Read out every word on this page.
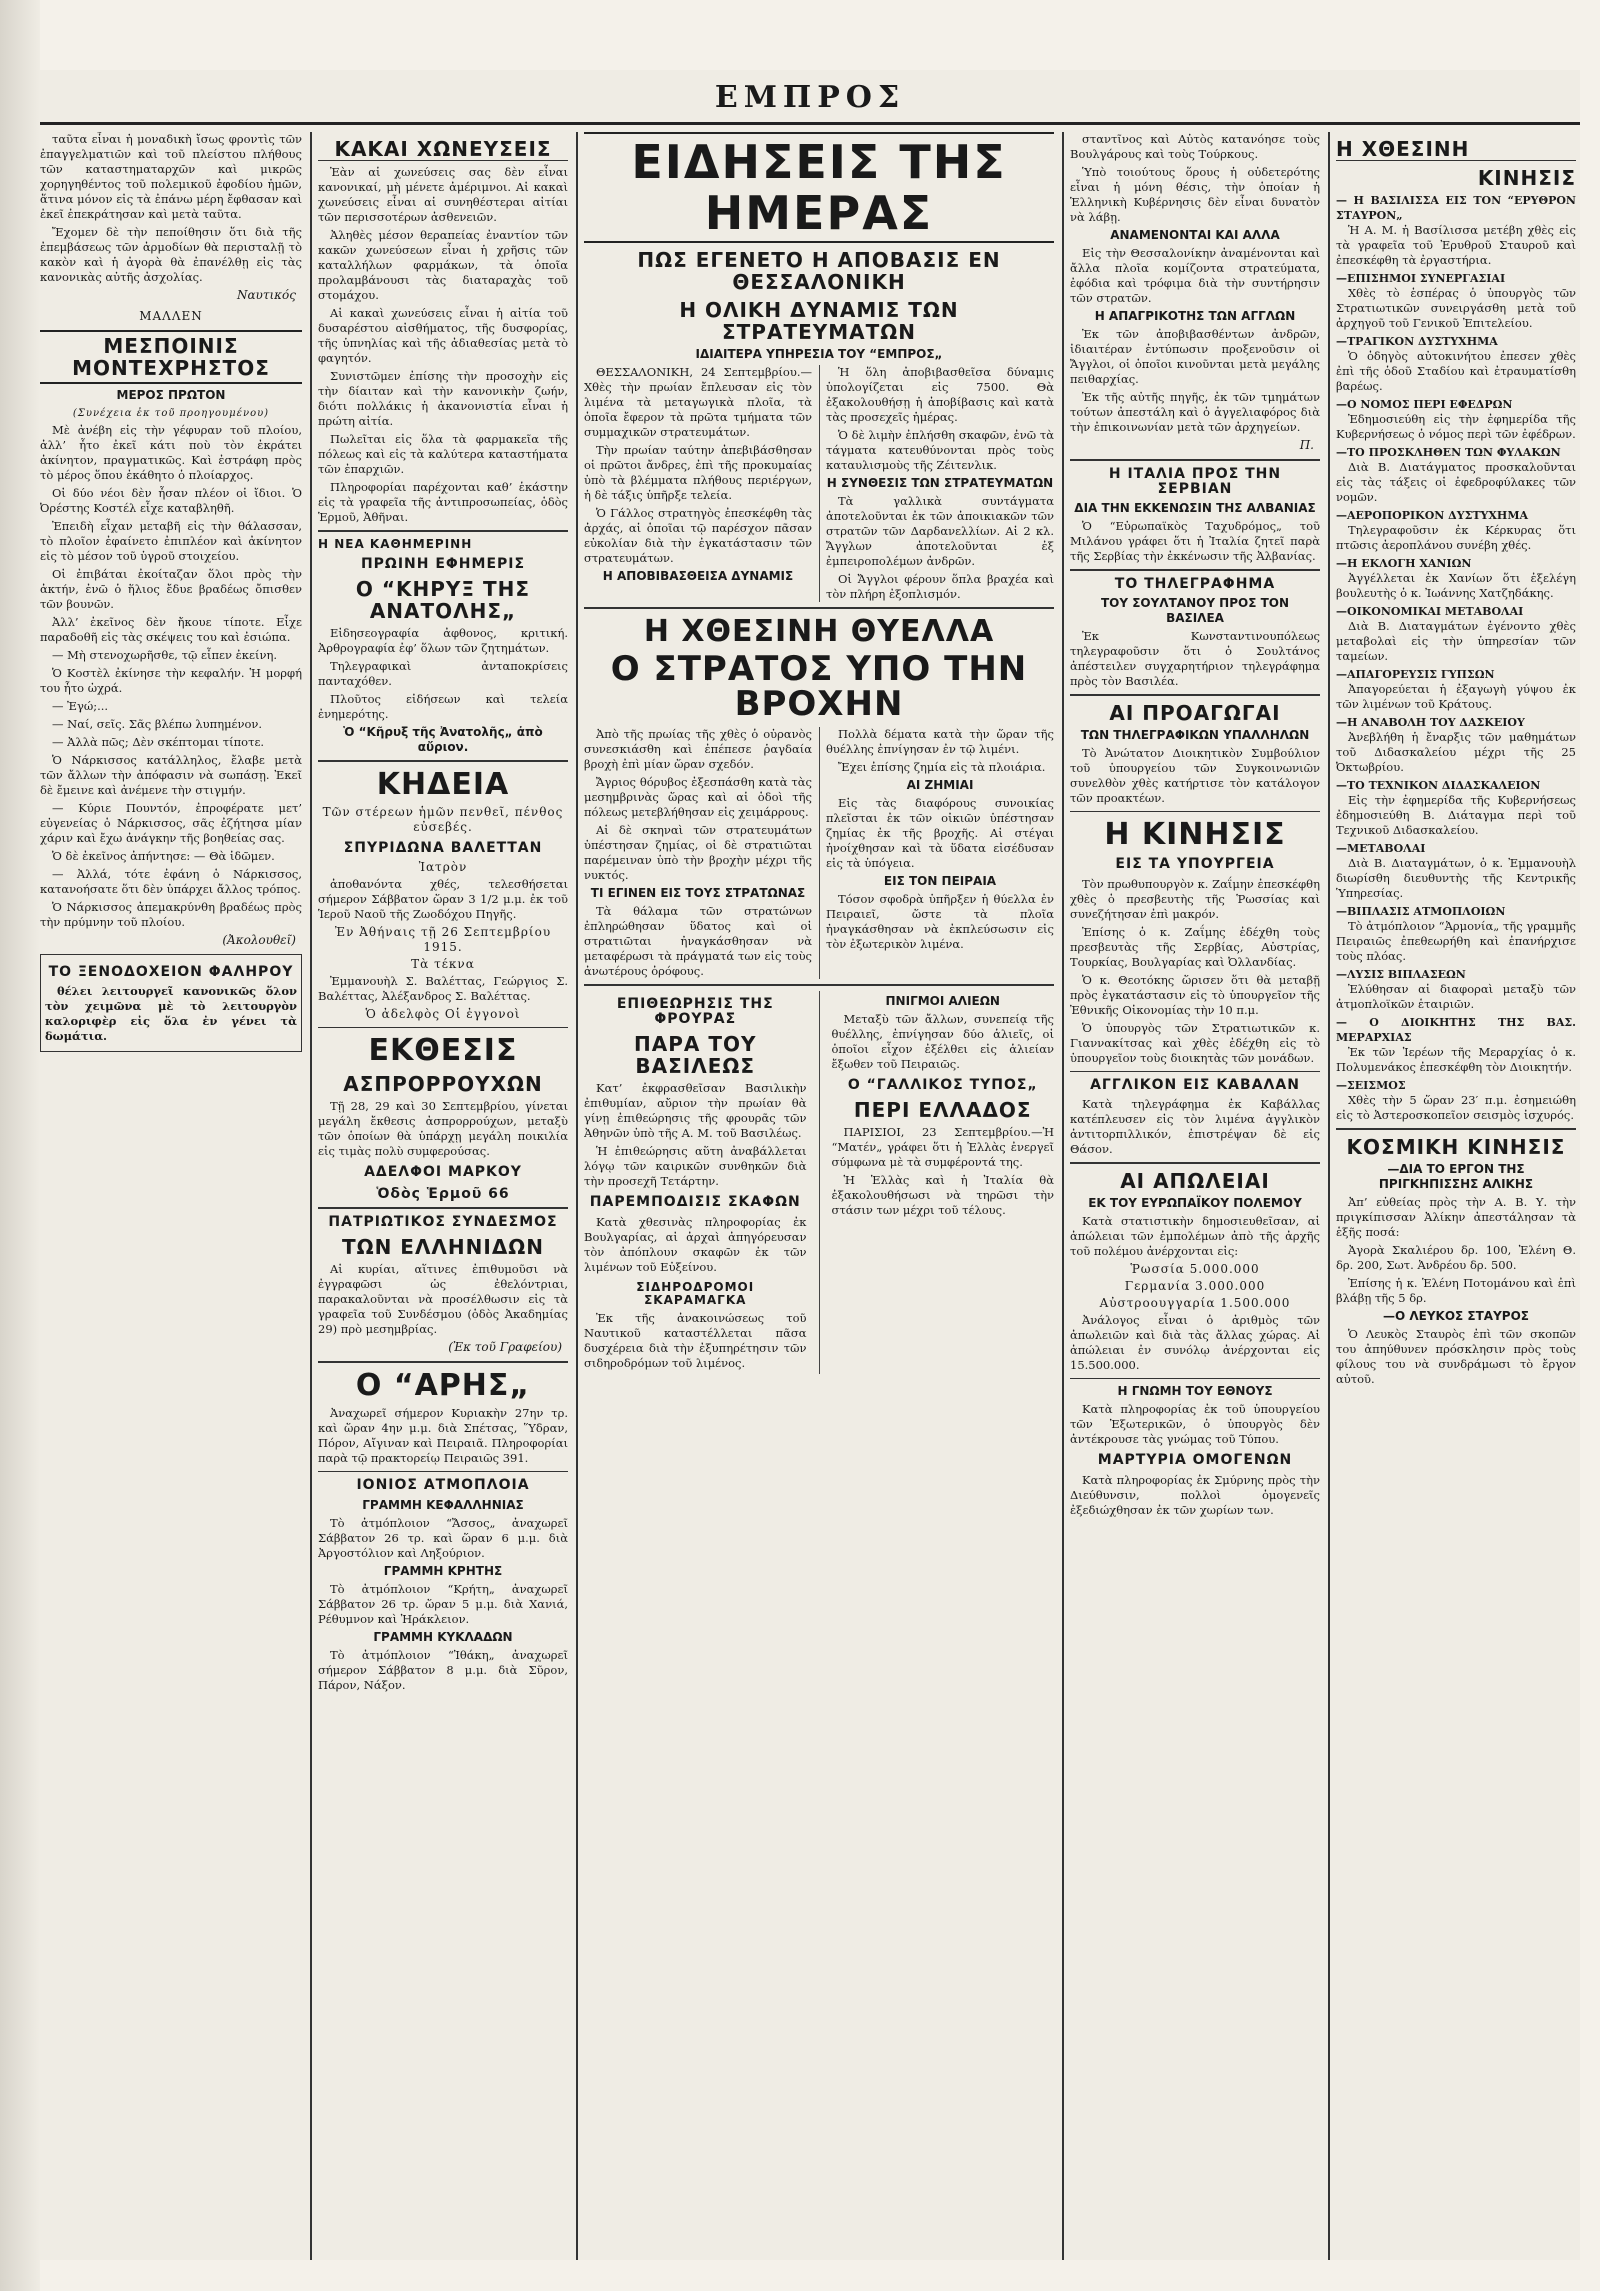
ΕΜΠΡΟΣ

ταῦτα εἶναι ἡ μοναδικὴ ἴσως φροντὶς τῶν ἐπαγγελματιῶν καὶ τοῦ πλείστου πλήθους τῶν καταστηματαρχῶν καὶ μικρῶς χορηγηθέντος τοῦ πολεμικοῦ ἐφοδίου ἡμῶν, ἅτινα μόνον εἰς τὰ ἐπάνω μέρη ἔφθασαν καὶ ἐκεῖ ἐπεκράτησαν καὶ μετὰ ταῦτα.

Ἔχομεν δὲ τὴν πεποίθησιν ὅτι διὰ τῆς ἐπεμβάσεως τῶν ἀρμοδίων θὰ περισταλῇ τὸ κακὸν καὶ ἡ ἀγορὰ θὰ ἐπανέλθῃ εἰς τὰς κανονικὰς αὐτῆς ἀσχολίας.

Ναυτικός
ΜΑΛΛΕΝ
ΜΕΣΠΟΙΝΙΣ ΜΟΝΤΕΧΡΗΣΤΟΣ
ΜΕΡΟΣ ΠΡΩΤΟΝ
(Συνέχεια ἐκ τοῦ προηγουμένου)

Μὲ ἀνέβη εἰς τὴν γέφυραν τοῦ πλοίου, ἀλλ’ ἦτο ἐκεῖ κάτι ποὺ τὸν ἐκράτει ἀκίνητον, πραγματικῶς. Καὶ ἐστράφη πρὸς τὸ μέρος ὅπου ἐκάθητο ὁ πλοίαρχος.

Οἱ δύο νέοι δὲν ἦσαν πλέον οἱ ἴδιοι. Ὁ Ὀρέστης Κοστέλ εἶχε καταβληθῆ.

Ἐπειδὴ εἶχαν μεταβῆ εἰς τὴν θάλασσαν, τὸ πλοῖον ἐφαίνετο ἐπιπλέον καὶ ἀκίνητον εἰς τὸ μέσον τοῦ ὑγροῦ στοιχείου.

Οἱ ἐπιβάται ἐκοίταζαν ὅλοι πρὸς τὴν ἀκτήν, ἐνῶ ὁ ἥλιος ἔδυε βραδέως ὄπισθεν τῶν βουνῶν.

Ἀλλ’ ἐκεῖνος δὲν ἤκουε τίποτε. Εἶχε παραδοθῆ εἰς τὰς σκέψεις του καὶ ἐσιώπα.

— Μὴ στενοχωρῆσθε, τῷ εἶπεν ἐκείνη.

Ὁ Κοστὲλ ἐκίνησε τὴν κεφαλήν. Ἡ μορφή του ἦτο ὠχρά.

— Ἐγώ;...

— Ναί, σεῖς. Σᾶς βλέπω λυπημένον.

— Ἀλλὰ πῶς; Δὲν σκέπτομαι τίποτε.

Ὁ Νάρκισσος κατάλληλος, ἔλαβε μετὰ τῶν ἄλλων τὴν ἀπόφασιν νὰ σωπάσῃ. Ἐκεῖ δὲ ἔμεινε καὶ ἀνέμενε τὴν στιγμήν.

— Κύριε Πουντόν, ἐπροφέρατε μετ’ εὐγενείας ὁ Νάρκισσος, σᾶς ἐζήτησα μίαν χάριν καὶ ἔχω ἀνάγκην τῆς βοηθείας σας.

Ὁ δὲ ἐκεῖνος ἀπήντησε: — Θὰ ἰδῶμεν.

— Ἀλλά, τότε ἐφάνη ὁ Νάρκισσος, κατανοήσατε ὅτι δὲν ὑπάρχει ἄλλος τρόπος.

Ὁ Νάρκισσος ἀπεμακρύνθη βραδέως πρὸς τὴν πρύμνην τοῦ πλοίου.

(Ἀκολουθεῖ)
ΤΟ ΞΕΝΟΔΟΧΕΙΟΝ ΦΑΛΗΡΟΥ

θέλει λειτουργεῖ κανονικῶς ὅλον τὸν χειμῶνα μὲ τὸ λειτουργὸν καλοριφὲρ εἰς ὅλα ἐν γένει τὰ δωμάτια.

ΚΑΚΑΙ ΧΩΝΕΥΣΕΙΣ

Ἐὰν αἱ χωνεύσεις σας δὲν εἶναι κανονικαί, μὴ μένετε ἀμέριμνοι. Αἱ κακαὶ χωνεύσεις εἶναι αἱ συνηθέστεραι αἰτίαι τῶν περισσοτέρων ἀσθενειῶν.

Ἀληθὲς μέσον θεραπείας ἐναντίον τῶν κακῶν χωνεύσεων εἶναι ἡ χρῆσις τῶν καταλλήλων φαρμάκων, τὰ ὁποῖα προλαμβάνουσι τὰς διαταραχὰς τοῦ στομάχου.

Αἱ κακαὶ χωνεύσεις εἶναι ἡ αἰτία τοῦ δυσαρέστου αἰσθήματος, τῆς δυσφορίας, τῆς ὑπνηλίας καὶ τῆς ἀδιαθεσίας μετὰ τὸ φαγητόν.

Συνιστῶμεν ἐπίσης τὴν προσοχὴν εἰς τὴν δίαιταν καὶ τὴν κανονικὴν ζωήν, διότι πολλάκις ἡ ἀκανονιστία εἶναι ἡ πρώτη αἰτία.

Πωλεῖται εἰς ὅλα τὰ φαρμακεῖα τῆς πόλεως καὶ εἰς τὰ καλύτερα καταστήματα τῶν ἐπαρχιῶν.

Πληροφορίαι παρέχονται καθ’ ἑκάστην εἰς τὰ γραφεῖα τῆς ἀντιπροσωπείας, ὁδὸς Ἑρμοῦ, Ἀθῆναι.

Η ΝΕΑ ΚΑΘΗΜΕΡΙΝΗ
ΠΡΩΙΝΗ ΕΦΗΜΕΡΙΣ
Ο “ΚΗΡΥΞ ΤΗΣ ΑΝΑΤΟΛΗΣ„

Εἰδησεογραφία ἀφθονος, κριτική. Ἀρθρογραφία ἐφ’ ὅλων τῶν ζητημάτων.

Τηλεγραφικαὶ ἀνταποκρίσεις πανταχόθεν.

Πλοῦτος εἰδήσεων καὶ τελεία ἐνημερότης.

Ὁ “Κῆρυξ τῆς Ἀνατολῆς„ ἀπὸ αὔριον.
ΚΗΔΕΙΑ
Τῶν στέρεων ἡμῶν πενθεῖ, πένθος εὐσεβές.
ΣΠΥΡΙΔΩΝΑ ΒΑΛΕΤΤΑΝ
Ἰατρὸν

ἀποθανόντα χθές, τελεσθήσεται σήμερον Σάββατον ὥραν 3 1/2 μ.μ. ἐκ τοῦ Ἱεροῦ Ναοῦ τῆς Ζωοδόχου Πηγῆς.

Ἐν Ἀθήναις τῇ 26 Σεπτεμβρίου 1915.
Τὰ τέκνα

Ἐμμανουὴλ Σ. Βαλέττας, Γεώργιος Σ. Βαλέττας, Ἀλέξανδρος Σ. Βαλέττας.

Ὁ ἀδελφὸς Οἱ ἐγγονοὶ
ΕΚΘΕΣΙΣ
ΑΣΠΡΟΡΡΟΥΧΩΝ

Τῇ 28, 29 καὶ 30 Σεπτεμβρίου, γίνεται μεγάλη ἔκθεσις ἀσπρορρούχων, μεταξὺ τῶν ὁποίων θὰ ὑπάρχῃ μεγάλη ποικιλία εἰς τιμὰς πολὺ συμφερούσας.

ΑΔΕΛΦΟΙ ΜΑΡΚΟΥ
Ὁδὸς Ἑρμοῦ 66
ΠΑΤΡΙΩΤΙΚΟΣ ΣΥΝΔΕΣΜΟΣ
ΤΩΝ ΕΛΛΗΝΙΔΩΝ

Αἱ κυρίαι, αἵτινες ἐπιθυμοῦσι νὰ ἐγγραφῶσι ὡς ἐθελόντριαι, παρακαλοῦνται νὰ προσέλθωσιν εἰς τὰ γραφεῖα τοῦ Συνδέσμου (ὁδὸς Ἀκαδημίας 29) πρὸ μεσημβρίας.

(Ἐκ τοῦ Γραφείου)
Ο “ΑΡΗΣ„

Ἀναχωρεῖ σήμερον Κυριακὴν 27ην τρ. καὶ ὥραν 4ην μ.μ. διὰ Σπέτσας, Ὕδραν, Πόρον, Αἴγιναν καὶ Πειραιᾶ. Πληροφορίαι παρὰ τῷ πρακτορείῳ Πειραιῶς 391.

ΙΟΝΙΟΣ ΑΤΜΟΠΛΟΙΑ
ΓΡΑΜΜΗ ΚΕΦΑΛΛΗΝΙΑΣ

Τὸ ἀτμόπλοιον “Ἄσσος„ ἀναχωρεῖ Σάββατον 26 τρ. καὶ ὥραν 6 μ.μ. διὰ Ἀργοστόλιον καὶ Ληξούριον.

ΓΡΑΜΜΗ ΚΡΗΤΗΣ

Τὸ ἀτμόπλοιον “Κρήτη„ ἀναχωρεῖ Σάββατον 26 τρ. ὥραν 5 μ.μ. διὰ Χανιά, Ρέθυμνον καὶ Ἡράκλειον.

ΓΡΑΜΜΗ ΚΥΚΛΑΔΩΝ

Τὸ ἀτμόπλοιον “Ἰθάκη„ ἀναχωρεῖ σήμερον Σάββατον 8 μ.μ. διὰ Σῦρον, Πάρον, Νάξον.

ΕΙΔΗΣΕΙΣ ΤΗΣ ΗΜΕΡΑΣ
ΠΩΣ ΕΓΕΝΕΤΟ Η ΑΠΟΒΑΣΙΣ ΕΝ ΘΕΣΣΑΛΟΝΙΚΗ
Η ΟΛΙΚΗ ΔΥΝΑΜΙΣ ΤΩΝ ΣΤΡΑΤΕΥΜΑΤΩΝ
ΙΔΙΑΙΤΕΡΑ ΥΠΗΡΕΣΙΑ ΤΟΥ “ΕΜΠΡΟΣ„

ΘΕΣΣΑΛΟΝΙΚΗ, 24 Σεπτεμβρίου.—Χθὲς τὴν πρωίαν ἔπλευσαν εἰς τὸν λιμένα τὰ μεταγωγικὰ πλοῖα, τὰ ὁποῖα ἔφερον τὰ πρῶτα τμήματα τῶν συμμαχικῶν στρατευμάτων.

Τὴν πρωίαν ταύτην ἀπεβιβάσθησαν οἱ πρῶτοι ἄνδρες, ἐπὶ τῆς προκυμαίας ὑπὸ τὰ βλέμματα πλήθους περιέργων, ἡ δὲ τάξις ὑπῆρξε τελεία.

Ὁ Γάλλος στρατηγὸς ἐπεσκέφθη τὰς ἀρχάς, αἱ ὁποῖαι τῷ παρέσχον πᾶσαν εὐκολίαν διὰ τὴν ἐγκατάστασιν τῶν στρατευμάτων.

Η ΑΠΟΒΙΒΑΣΘΕΙΣΑ ΔΥΝΑΜΙΣ

Ἡ ὅλη ἀποβιβασθεῖσα δύναμις ὑπολογίζεται εἰς 7500. Θὰ ἐξακολουθήσῃ ἡ ἀποβίβασις καὶ κατὰ τὰς προσεχεῖς ἡμέρας.

Ὁ δὲ λιμὴν ἐπλήσθη σκαφῶν, ἐνῶ τὰ τάγματα κατευθύνονται πρὸς τοὺς καταυλισμοὺς τῆς Ζέιτενλικ.

Η ΣΥΝΘΕΣΙΣ ΤΩΝ ΣΤΡΑΤΕΥΜΑΤΩΝ

Τὰ γαλλικὰ συντάγματα ἀποτελοῦνται ἐκ τῶν ἀποικιακῶν τῶν στρατῶν τῶν Δαρδανελλίων. Αἱ 2 κλ. Ἄγγλων ἀποτελοῦνται ἐξ ἐμπειροπολέμων ἀνδρῶν.

Οἱ Ἄγγλοι φέρουν ὅπλα βραχέα καὶ τὸν πλήρη ἐξοπλισμόν.

Η ΧΘΕΣΙΝΗ ΘΥΕΛΛΑ
Ο ΣΤΡΑΤΟΣ ΥΠΟ ΤΗΝ ΒΡΟΧΗΝ

Ἀπὸ τῆς πρωίας τῆς χθὲς ὁ οὐρανὸς συνεσκιάσθη καὶ ἐπέπεσε ῥαγδαία βροχὴ ἐπὶ μίαν ὥραν σχεδόν.

Ἄγριος θόρυβος ἐξεσπάσθη κατὰ τὰς μεσημβρινὰς ὥρας καὶ αἱ ὁδοὶ τῆς πόλεως μετεβλήθησαν εἰς χειμάρρους.

Αἱ δὲ σκηναὶ τῶν στρατευμάτων ὑπέστησαν ζημίας, οἱ δὲ στρατιῶται παρέμειναν ὑπὸ τὴν βροχὴν μέχρι τῆς νυκτός.

ΤΙ ΕΓΙΝΕΝ ΕΙΣ ΤΟΥΣ ΣΤΡΑΤΩΝΑΣ

Τὰ θάλαμα τῶν στρατώνων ἐπληρώθησαν ὕδατος καὶ οἱ στρατιῶται ἠναγκάσθησαν νὰ μεταφέρωσι τὰ πράγματά των εἰς τοὺς ἀνωτέρους ὀρόφους.

Πολλὰ δέματα κατὰ τὴν ὥραν τῆς θυέλλης ἐπνίγησαν ἐν τῷ λιμένι.

Ἔχει ἐπίσης ζημία εἰς τὰ πλοιάρια.

ΑΙ ΖΗΜΙΑΙ

Εἰς τὰς διαφόρους συνοικίας πλεῖσται ἐκ τῶν οἰκιῶν ὑπέστησαν ζημίας ἐκ τῆς βροχῆς. Αἱ στέγαι ἠνοίχθησαν καὶ τὰ ὕδατα εἰσέδυσαν εἰς τὰ ὑπόγεια.

ΕΙΣ ΤΟΝ ΠΕΙΡΑΙΑ

Τόσον σφοδρὰ ὑπῆρξεν ἡ θύελλα ἐν Πειραιεῖ, ὥστε τὰ πλοῖα ἠναγκάσθησαν νὰ ἐκπλεύσωσιν εἰς τὸν ἐξωτερικὸν λιμένα.

ΕΠΙΘΕΩΡΗΣΙΣ ΤΗΣ ΦΡΟΥΡΑΣ
ΠΑΡΑ ΤΟΥ ΒΑΣΙΛΕΩΣ

Κατ’ ἐκφρασθεῖσαν Βασιλικὴν ἐπιθυμίαν, αὔριον τὴν πρωίαν θὰ γίνῃ ἐπιθεώρησις τῆς φρουρᾶς τῶν Ἀθηνῶν ὑπὸ τῆς Α. Μ. τοῦ Βασιλέως.

Ἡ ἐπιθεώρησις αὕτη ἀναβάλλεται λόγῳ τῶν καιρικῶν συνθηκῶν διὰ τὴν προσεχῆ Τετάρτην.

ΠΑΡΕΜΠΟΔΙΣΙΣ ΣΚΑΦΩΝ

Κατὰ χθεσινὰς πληροφορίας ἐκ Βουλγαρίας, αἱ ἀρχαὶ ἀπηγόρευσαν τὸν ἀπόπλουν σκαφῶν ἐκ τῶν λιμένων τοῦ Εὐξείνου.

ΣΙΔΗΡΟΔΡΟΜΟΙ ΣΚΑΡΑΜΑΓΚΑ

Ἐκ τῆς ἀνακοινώσεως τοῦ Ναυτικοῦ καταστέλλεται πᾶσα δυσχέρεια διὰ τὴν ἐξυπηρέτησιν τῶν σιδηροδρόμων τοῦ λιμένος.

ΠΝΙΓΜΟΙ ΑΛΙΕΩΝ

Μεταξὺ τῶν ἄλλων, συνεπείᾳ τῆς θυέλλης, ἐπνίγησαν δύο ἁλιεῖς, οἱ ὁποῖοι εἶχον ἐξέλθει εἰς ἁλιείαν ἔξωθεν τοῦ Πειραιῶς.

Ο “ΓΑΛΛΙΚΟΣ ΤΥΠΟΣ„
ΠΕΡΙ ΕΛΛΑΔΟΣ

ΠΑΡΙΣΙΟΙ, 23 Σεπτεμβρίου.—Ἡ “Ματέν„ γράφει ὅτι ἡ Ἑλλὰς ἐνεργεῖ σύμφωνα μὲ τὰ συμφέροντά της.

Ἡ Ἑλλὰς καὶ ἡ Ἰταλία θὰ ἐξακολουθήσωσι νὰ τηρῶσι τὴν στάσιν των μέχρι τοῦ τέλους.

σταντῖνος καὶ Αὐτὸς κατανόησε τοὺς Βουλγάρους καὶ τοὺς Τούρκους.

Ὑπὸ τοιούτους ὅρους ἡ οὐδετερότης εἶναι ἡ μόνη θέσις, τὴν ὁποίαν ἡ Ἑλληνικὴ Κυβέρνησις δὲν εἶναι δυνατὸν νὰ λάβῃ.

ΑΝΑΜΕΝΟΝΤΑΙ ΚΑΙ ΑΛΛΑ

Εἰς τὴν Θεσσαλονίκην ἀναμένονται καὶ ἄλλα πλοῖα κομίζοντα στρατεύματα, ἐφόδια καὶ τρόφιμα διὰ τὴν συντήρησιν τῶν στρατῶν.

Η ΑΠΑΓΡΙΚΟΤΗΣ ΤΩΝ ΑΓΓΛΩΝ

Ἐκ τῶν ἀποβιβασθέντων ἀνδρῶν, ἰδιαιτέραν ἐντύπωσιν προξενοῦσιν οἱ Ἄγγλοι, οἱ ὁποῖοι κινοῦνται μετὰ μεγάλης πειθαρχίας.

Ἐκ τῆς αὐτῆς πηγῆς, ἐκ τῶν τμημάτων τούτων ἀπεστάλη καὶ ὁ ἀγγελιαφόρος διὰ τὴν ἐπικοινωνίαν μετὰ τῶν ἀρχηγείων.

Π.
Η ΙΤΑΛΙΑ ΠΡΟΣ ΤΗΝ ΣΕΡΒΙΑΝ
ΔΙΑ ΤΗΝ ΕΚΚΕΝΩΣΙΝ ΤΗΣ ΑΛΒΑΝΙΑΣ

Ὁ “Εὐρωπαϊκὸς Ταχυδρόμος„ τοῦ Μιλάνου γράφει ὅτι ἡ Ἰταλία ζητεῖ παρὰ τῆς Σερβίας τὴν ἐκκένωσιν τῆς Ἀλβανίας.

ΤΟ ΤΗΛΕΓΡΑΦΗΜΑ
ΤΟΥ ΣΟΥΛΤΑΝΟΥ ΠΡΟΣ ΤΟΝ ΒΑΣΙΛΕΑ

Ἐκ Κωνσταντινουπόλεως τηλεγραφοῦσιν ὅτι ὁ Σουλτάνος ἀπέστειλεν συγχαρητήριον τηλεγράφημα πρὸς τὸν Βασιλέα.

ΑΙ ΠΡΟΑΓΩΓΑΙ
ΤΩΝ ΤΗΛΕΓΡΑΦΙΚΩΝ ΥΠΑΛΛΗΛΩΝ

Τὸ Ἀνώτατον Διοικητικὸν Συμβούλιον τοῦ ὑπουργείου τῶν Συγκοινωνιῶν συνελθὸν χθὲς κατήρτισε τὸν κατάλογον τῶν προακτέων.

Η ΚΙΝΗΣΙΣ
ΕΙΣ ΤΑ ΥΠΟΥΡΓΕΙΑ

Τὸν πρωθυπουργὸν κ. Ζαΐμην ἐπεσκέφθη χθὲς ὁ πρεσβευτὴς τῆς Ῥωσσίας καὶ συνεζήτησαν ἐπὶ μακρόν.

Ἐπίσης ὁ κ. Ζαΐμης ἐδέχθη τοὺς πρεσβευτὰς τῆς Σερβίας, Αὐστρίας, Τουρκίας, Βουλγαρίας καὶ Ὀλλανδίας.

Ὁ κ. Θεοτόκης ὥρισεν ὅτι θὰ μεταβῇ πρὸς ἐγκατάστασιν εἰς τὸ ὑπουργεῖον τῆς Ἐθνικῆς Οἰκονομίας τὴν 10 π.μ.

Ὁ ὑπουργὸς τῶν Στρατιωτικῶν κ. Γιαννακίτσας καὶ χθὲς ἐδέχθη εἰς τὸ ὑπουργεῖον τοὺς διοικητὰς τῶν μονάδων.

ΑΓΓΛΙΚΟΝ ΕΙΣ ΚΑΒΑΛΑΝ

Κατὰ τηλεγράφημα ἐκ Καβάλλας κατέπλευσεν εἰς τὸν λιμένα ἀγγλικὸν ἀντιτορπιλλικόν, ἐπιστρέψαν δὲ εἰς Θάσον.

ΑΙ ΑΠΩΛΕΙΑΙ
ΕΚ ΤΟΥ ΕΥΡΩΠΑΪΚΟΥ ΠΟΛΕΜΟΥ

Κατὰ στατιστικὴν δημοσιευθεῖσαν, αἱ ἀπώλειαι τῶν ἐμπολέμων ἀπὸ τῆς ἀρχῆς τοῦ πολέμου ἀνέρχονται εἰς:

Ῥωσσία 5.000.000
Γερμανία 3.000.000
Αὐστροουγγαρία 1.500.000

Ἀνάλογος εἶναι ὁ ἀριθμὸς τῶν ἀπωλειῶν καὶ διὰ τὰς ἄλλας χώρας. Αἱ ἀπώλειαι ἐν συνόλῳ ἀνέρχονται εἰς 15.500.000.

Η ΓΝΩΜΗ ΤΟΥ ΕΘΝΟΥΣ

Κατὰ πληροφορίας ἐκ τοῦ ὑπουργείου τῶν Ἐξωτερικῶν, ὁ ὑπουργὸς δὲν ἀντέκρουσε τὰς γνώμας τοῦ Τύπου.

ΜΑΡΤΥΡΙΑ ΟΜΟΓΕΝΩΝ

Κατὰ πληροφορίας ἐκ Σμύρνης πρὸς τὴν Διεύθυνσιν, πολλοὶ ὁμογενεῖς ἐξεδιώχθησαν ἐκ τῶν χωρίων των.

Η ΧΘΕΣΙΝΗ
ΚΙΝΗΣΙΣ
— Η ΒΑΣΙΛΙΣΣΑ ΕΙΣ ΤΟΝ “ΕΡΥΘΡΟΝ ΣΤΑΥΡΟΝ„

Ἡ Α. Μ. ἡ Βασίλισσα μετέβη χθὲς εἰς τὰ γραφεῖα τοῦ Ἐρυθροῦ Σταυροῦ καὶ ἐπεσκέφθη τὰ ἐργαστήρια.

—ΕΠΙΣΗΜΟΙ ΣΥΝΕΡΓΑΣΙΑΙ

Χθὲς τὸ ἑσπέρας ὁ ὑπουργὸς τῶν Στρατιωτικῶν συνειργάσθη μετὰ τοῦ ἀρχηγοῦ τοῦ Γενικοῦ Ἐπιτελείου.

—ΤΡΑΓΙΚΟΝ ΔΥΣΤΥΧΗΜΑ

Ὁ ὁδηγὸς αὐτοκινήτου ἐπεσεν χθὲς ἐπὶ τῆς ὁδοῦ Σταδίου καὶ ἐτραυματίσθη βαρέως.

—Ο ΝΟΜΟΣ ΠΕΡΙ ΕΦΕΔΡΩΝ

Ἐδημοσιεύθη εἰς τὴν ἐφημερίδα τῆς Κυβερνήσεως ὁ νόμος περὶ τῶν ἐφέδρων.

—ΤΟ ΠΡΟΣΚΛΗΘΕΝ ΤΩΝ ΦΥΛΑΚΩΝ

Διὰ Β. Διατάγματος προσκαλοῦνται εἰς τὰς τάξεις οἱ ἐφεδροφύλακες τῶν νομῶν.

—ΑΕΡΟΠΟΡΙΚΟΝ ΔΥΣΤΥΧΗΜΑ

Τηλεγραφοῦσιν ἐκ Κέρκυρας ὅτι πτῶσις ἀεροπλάνου συνέβη χθές.

—Η ΕΚΛΟΓΗ ΧΑΝΙΩΝ

Ἀγγέλλεται ἐκ Χανίων ὅτι ἐξελέγη βουλευτὴς ὁ κ. Ἰωάννης Χατζηδάκης.

—ΟΙΚΟΝΟΜΙΚΑΙ ΜΕΤΑΒΟΛΑΙ

Διὰ Β. Διαταγμάτων ἐγένοντο χθὲς μεταβολαὶ εἰς τὴν ὑπηρεσίαν τῶν ταμείων.

—ΑΠΑΓΟΡΕΥΣΙΣ ΓΥΠΣΩΝ

Ἀπαγορεύεται ἡ ἐξαγωγὴ γύψου ἐκ τῶν λιμένων τοῦ Κράτους.

—Η ΑΝΑΒΟΛΗ ΤΟΥ ΔΑΣΚΕΙΟΥ

Ἀνεβλήθη ἡ ἔναρξις τῶν μαθημάτων τοῦ Διδασκαλείου μέχρι τῆς 25 Ὀκτωβρίου.

—ΤΟ ΤΕΧΝΙΚΟΝ ΔΙΔΑΣΚΑΛΕΙΟΝ

Εἰς τὴν ἐφημερίδα τῆς Κυβερνήσεως ἐδημοσιεύθη Β. Διάταγμα περὶ τοῦ Τεχνικοῦ Διδασκαλείου.

—ΜΕΤΑΒΟΛΑΙ

Διὰ Β. Διαταγμάτων, ὁ κ. Ἐμμανουὴλ διωρίσθη διευθυντὴς τῆς Κεντρικῆς Ὑπηρεσίας.

—ΒΙΠΛΑΣΙΣ ΑΤΜΟΠΛΟΙΩΝ

Τὸ ἀτμόπλοιον “Ἀρμονία„ τῆς γραμμῆς Πειραιῶς ἐπεθεωρήθη καὶ ἐπανήρχισε τοὺς πλόας.

—ΛΥΣΙΣ ΒΙΠΛΑΣΕΩΝ

Ἐλύθησαν αἱ διαφοραὶ μεταξὺ τῶν ἀτμοπλοϊκῶν ἑταιριῶν.

— Ο ΔΙΟΙΚΗΤΗΣ ΤΗΣ ΒΑΣ. ΜΕΡΑΡΧΙΑΣ

Ἐκ τῶν Ἱερέων τῆς Μεραρχίας ὁ κ. Πολυμενάκος ἐπεσκέφθη τὸν Διοικητήν.

—ΣΕΙΣΜΟΣ

Χθὲς τὴν 5 ὥραν 23′ π.μ. ἐσημειώθη εἰς τὸ Ἀστεροσκοπεῖον σεισμὸς ἰσχυρός.

ΚΟΣΜΙΚΗ ΚΙΝΗΣΙΣ
—ΔΙΑ ΤΟ ΕΡΓΟΝ ΤΗΣ ΠΡΙΓΚΗΠΙΣΣΗΣ ΑΛΙΚΗΣ

Ἀπ’ εὐθείας πρὸς τὴν Α. Β. Υ. τὴν πριγκίπισσαν Ἀλίκην ἀπεστάλησαν τὰ ἑξῆς ποσά:

Ἀγορὰ Σκαλιέρου δρ. 100, Ἑλένη Θ. δρ. 200, Σωτ. Ἀνδρέου δρ. 500.

Ἐπίσης ἡ κ. Ἑλένη Ποτομάνου καὶ ἐπὶ βλάβῃ τῆς 5 δρ.

—Ο ΛΕΥΚΟΣ ΣΤΑΥΡΟΣ

Ὁ Λευκὸς Σταυρὸς ἐπὶ τῶν σκοπῶν του ἀπηύθυνεν πρόσκλησιν πρὸς τοὺς φίλους του νὰ συνδράμωσι τὸ ἔργον αὐτοῦ.
